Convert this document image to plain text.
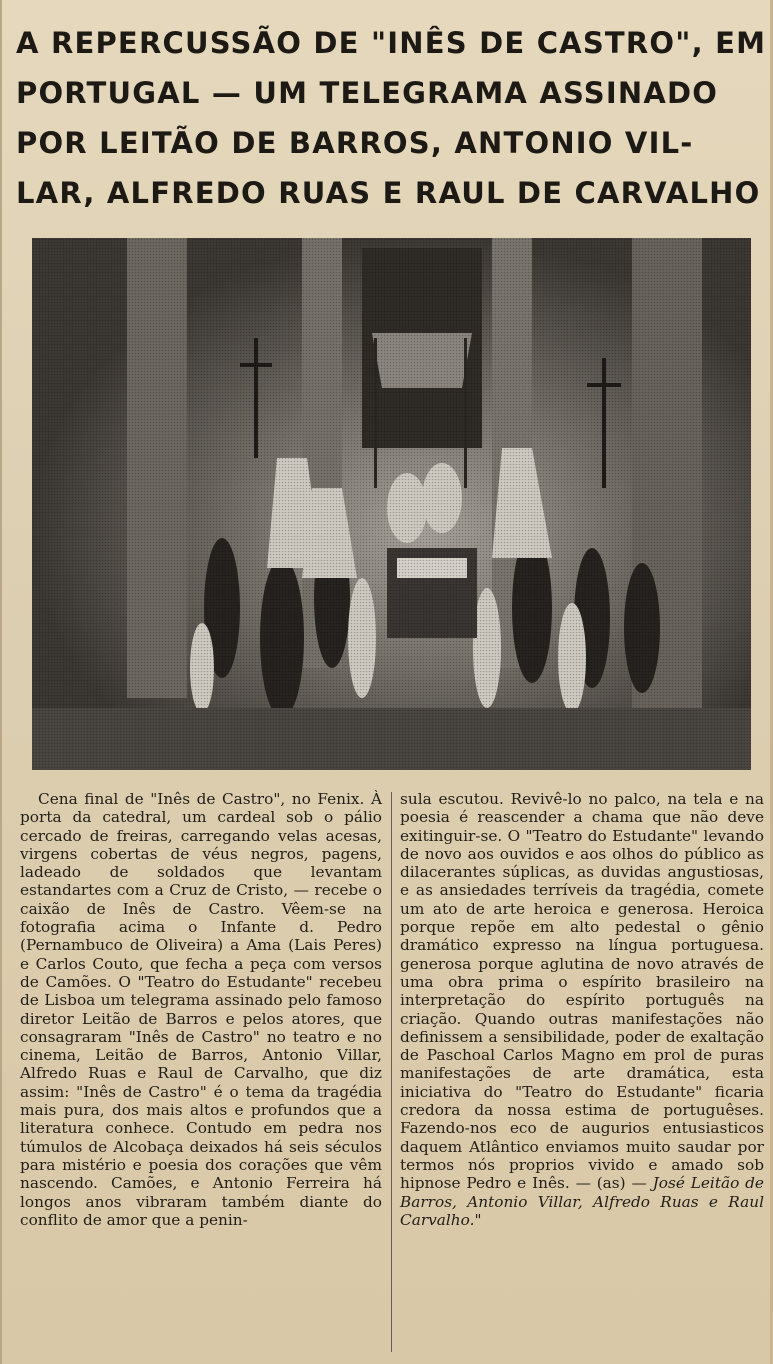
A REPERCUSSÃO DE "INÊS DE CASTRO", EM
PORTUGAL — UM TELEGRAMA ASSINADO
POR LEITÃO DE BARROS, ANTONIO VIL-
LAR, ALFREDO RUAS E RAUL DE CARVALHO

Cena final de "Inês de Castro", no Fenix. À porta da catedral, um cardeal sob o pálio cercado de freiras, carregando velas acesas, virgens cobertas de véus negros, pagens, ladeado de soldados que levantam estandartes com a Cruz de Cristo, — recebe o caixão de Inês de Castro. Vêem-se na fotografia acima o Infante d. Pedro (Pernambuco de Oliveira) a Ama (Lais Peres) e Carlos Couto, que fecha a peça com versos de Camões. O "Teatro do Estudante" recebeu de Lisboa um telegrama assinado pelo famoso diretor Leitão de Barros e pelos atores, que consagraram "Inês de Castro" no teatro e no cinema, Leitão de Barros, Antonio Villar, Alfredo Ruas e Raul de Carvalho, que diz assim: "Inês de Castro" é o tema da tragédia mais pura, dos mais altos e profundos que a literatura conhece. Contudo em pedra nos túmulos de Alcobaça deixados há seis séculos para mistério e poesia dos corações que vêm nascendo. Camões, e Antonio Ferreira há longos anos vibraram também diante do conflito de amor que a penin-

sula escutou. Revivê-lo no palco, na tela e na poesia é reascender a chama que não deve exitinguir-se. O "Teatro do Estudante" levando de novo aos ouvidos e aos olhos do público as dilacerantes súplicas, as duvidas angustiosas, e as ansiedades terríveis da tragédia, comete um ato de arte heroica e generosa. Heroica porque repõe em alto pedestal o gênio dramático expresso na língua portuguesa. generosa porque aglutina de novo através de uma obra prima o espírito brasileiro na interpretação do espírito português na criação. Quando outras manifestações não definissem a sensibilidade, poder de exaltação de Paschoal Carlos Magno em prol de puras manifestações de arte dramática, esta iniciativa do "Teatro do Estudante" ficaria credora da nossa estima de portuguêses. Fazendo-nos eco de augurios entusiasticos daquem Atlântico enviamos muito saudar por termos nós proprios vivido e amado sob hipnose Pedro e Inês. — (as) — José Leitão de Barros, Antonio Villar, Alfredo Ruas e Raul Carvalho."
